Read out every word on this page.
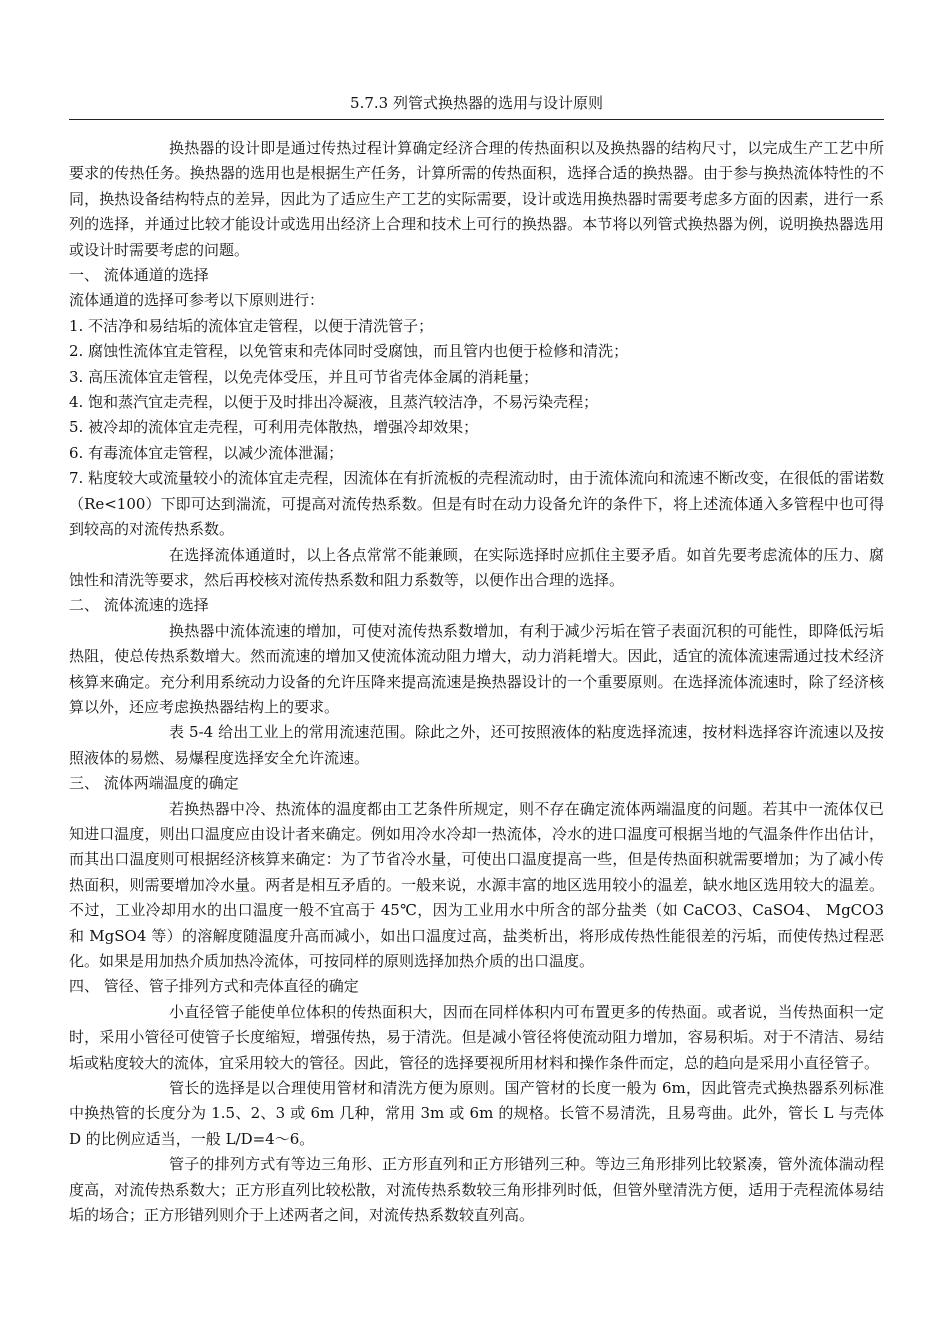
5.7.3 列管式换热器的选用与设计原则

换热器的设计即是通过传热过程计算确定经济合理的传热面积以及换热器的结构尺寸，以完成生产工艺中所要求的传热任务。换热器的选用也是根据生产任务，计算所需的传热面积，选择合适的换热器。由于参与换热流体特性的不同，换热设备结构特点的差异，因此为了适应生产工艺的实际需要，设计或选用换热器时需要考虑多方面的因素，进行一系列的选择，并通过比较才能设计或选用出经济上合理和技术上可行的换热器。本节将以列管式换热器为例，说明换热器选用或设计时需要考虑的问题。

一、 流体通道的选择

流体通道的选择可参考以下原则进行：

1. 不洁净和易结垢的流体宜走管程，以便于清洗管子；

2. 腐蚀性流体宜走管程，以免管束和壳体同时受腐蚀，而且管内也便于检修和清洗；

3. 高压流体宜走管程，以免壳体受压，并且可节省壳体金属的消耗量；

4. 饱和蒸汽宜走壳程，以便于及时排出冷凝液，且蒸汽较洁净，不易污染壳程；

5. 被冷却的流体宜走壳程，可利用壳体散热，增强冷却效果；

6. 有毒流体宜走管程，以减少流体泄漏；

7. 粘度较大或流量较小的流体宜走壳程，因流体在有折流板的壳程流动时，由于流体流向和流速不断改变，在很低的雷诺数（Re<100）下即可达到湍流，可提高对流传热系数。但是有时在动力设备允许的条件下，将上述流体通入多管程中也可得到较高的对流传热系数。

在选择流体通道时，以上各点常常不能兼顾，在实际选择时应抓住主要矛盾。如首先要考虑流体的压力、腐蚀性和清洗等要求，然后再校核对流传热系数和阻力系数等，以便作出合理的选择。

二、 流体流速的选择

换热器中流体流速的增加，可使对流传热系数增加，有利于减少污垢在管子表面沉积的可能性，即降低污垢热阻，使总传热系数增大。然而流速的增加又使流体流动阻力增大，动力消耗增大。因此，适宜的流体流速需通过技术经济核算来确定。充分利用系统动力设备的允许压降来提高流速是换热器设计的一个重要原则。在选择流体流速时，除了经济核算以外，还应考虑换热器结构上的要求。

表 5-4 给出工业上的常用流速范围。除此之外，还可按照液体的粘度选择流速，按材料选择容许流速以及按照液体的易燃、易爆程度选择安全允许流速。

三、 流体两端温度的确定

若换热器中冷、热流体的温度都由工艺条件所规定，则不存在确定流体两端温度的问题。若其中一流体仅已知进口温度，则出口温度应由设计者来确定。例如用冷水冷却一热流体，冷水的进口温度可根据当地的气温条件作出估计，而其出口温度则可根据经济核算来确定：为了节省冷水量，可使出口温度提高一些，但是传热面积就需要增加；为了减小传热面积，则需要增加冷水量。两者是相互矛盾的。一般来说，水源丰富的地区选用较小的温差，缺水地区选用较大的温差。不过，工业冷却用水的出口温度一般不宜高于 45℃，因为工业用水中所含的部分盐类（如 CaCO3、CaSO4、 MgCO3 和 MgSO4 等）的溶解度随温度升高而减小，如出口温度过高，盐类析出，将形成传热性能很差的污垢，而使传热过程恶化。如果是用加热介质加热冷流体，可按同样的原则选择加热介质的出口温度。

四、 管径、管子排列方式和壳体直径的确定

小直径管子能使单位体积的传热面积大，因而在同样体积内可布置更多的传热面。或者说，当传热面积一定时，采用小管径可使管子长度缩短，增强传热，易于清洗。但是减小管径将使流动阻力增加，容易积垢。对于不清洁、易结垢或粘度较大的流体，宜采用较大的管径。因此，管径的选择要视所用材料和操作条件而定，总的趋向是采用小直径管子。

管长的选择是以合理使用管材和清洗方便为原则。国产管材的长度一般为 6m，因此管壳式换热器系列标准中换热管的长度分为 1.5、2、3 或 6m 几种，常用 3m 或 6m 的规格。长管不易清洗，且易弯曲。此外，管长 L 与壳体 D 的比例应适当，一般 L/D=4～6。

管子的排列方式有等边三角形、正方形直列和正方形错列三种。等边三角形排列比较紧凑，管外流体湍动程度高，对流传热系数大；正方形直列比较松散，对流传热系数较三角形排列时低，但管外壁清洗方便，适用于壳程流体易结垢的场合；正方形错列则介于上述两者之间，对流传热系数较直列高。
